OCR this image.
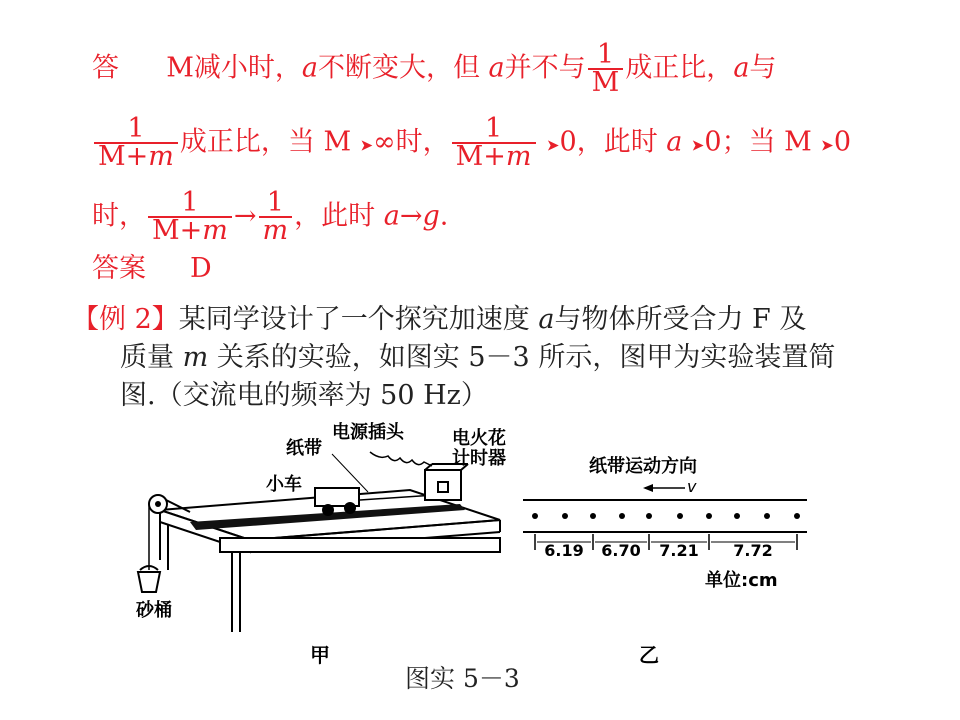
答 M减小时，a不断变大，但 a并不与 $\frac{1}{M}$ 成正比，a与
$\frac{1}{M+m}$ 成正比，当 M ➤∞时， $\frac{1}{M+m}$ ➤0，此时 a ➤0；当 M ➤0
时， $\frac{1}{M+m} \to \frac{1}{m}$ ，此时 a→g.
答案 D
【例 2】某同学设计了一个探究加速度 a与物体所受合力 F 及
质量 m 关系的实验，如图实 5－3 所示，图甲为实验装置简
图.（交流电的频率为 50 Hz）
砂桶
小车
纸带	电火花
计时器
电源插头
甲
纸带运动方向
v
6.19 6.70 7.21 7.72
单位:cm
乙
图实 5－3
